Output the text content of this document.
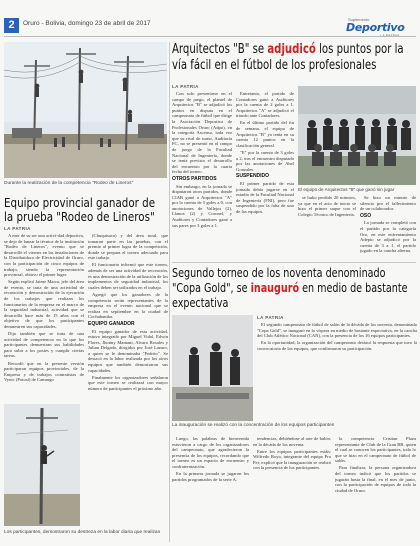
2	Oruro - Bolivia, domingo 23 de abril de 2017
Suplemento
Deportivo
Durante la realización de la competencia "Rodeo de Lineros"
Equipo provincial ganador de la prueba "Rodeo de Lineros"
LA PATRIA

A mor de su ser una activi-dad deportiva, se dejo de lanzar la técnica de la institución "Rodeo de Lineros", evento que se desarrolló el viernes en las instalaciones de la Distribuidora de Electricidad de Oruro, con la participación de cinco equipos de trabajo, siendo la representación provincial, obtuvo el primer lugar.

Según explicó Jaime Marca, jefe del área de evento, se trata de una actividad de recreación y demostración de la ejecución de los trabajos que realizan los funcionarios de la empresa en el marco de la seguridad industrial, actividad que se desarrolla hace más de 15 años con el objetivo de que los participantes demuestren sus capacidades.

Dijo también que se trata de una actividad de competencia en la que los participantes demuestran sus habilidades para subir a los postes y cumplir ciertas tareas.

Recordó que en la presente versión participaron equipos provinciales, de la Empresa y de trabajos contratistas de Vynic (Potosí) de Camargo

(Chuquisaca) y del área rural, que tomaron parte en las pruebas, con el premio al primer lugar de la competición, donde se prepara el torneo adecuado para este trabajo.

El funcionario informó que este torneo, además de ser una actividad de recreación, es una demostración de la utilización de los implementos de seguridad industrial, los cuales deben ser utilizados en el trabajo.

Agregó que los ganadores de la competencia serán representantes de la empresa en el evento nacional que se realiza en septiembre en la ciudad de Cochabamba.

EQUIPO GANADOR

El equipo ganador de esta actividad, estuvo integrado por Miguel Vidal, Edwin Flores, Jhonny Mamani, Alvaro Rosales y Julian Delgado, dirigidos por José Lazaro, a quien se le denominaba "Pedrito". Se destacó en la labor realizada por los otros equipos que también demostraron sus capacidades.

Finalmente los organizadores señalaron que este torneo se realizará con mayor número de participantes el próximo año.

Los participantes, demostraron su destreza en la labor diaria que realizan
Arquitectos "B" se adjudicó los puntos por la vía fácil en el fútbol de los profesionales
LA PATRIA

Con solo presentarse en el campo de juego, el plantel de Arquitectos "B" se adjudicó los puntos en disputa en el campeonato de fútbol que dirige la Asociación Deportiva de Profesionales Oruro (Adpo), en la categoría Ascenso, toda vez que su rival de turno, Auditoría FC, no se presentó en el campo de juego de la Facultad Nacional de Ingeniería, donde se tenía previsto el desarrollo del encuentro por la cuarta fecha del torneo.

OTROS PARTIDOS

Sin embargo, en la jornada se disputaron otros partidos, donde CIAB ganó a Arquitectos "A" por la cuenta de 5 goles a 0, con anotaciones de Vallejos (2), Llanos (2) y Coronel, y Auditores y Contadores ganó a sus pares por 3 goles a 1.

Entretanto, el partido de Contadores ganó a Auditores por la cuenta de 2 goles a 1. Arquitectos "A" se adjudicó el triunfo ante Contadores.

En el último partido del fin de semana, el equipo de Arquitectos "B" ya tenía en su cuenta 12 puntos en la clasificación general.

"E" por la cuenta de 3 goles a 2, tras el encuentro disputado por las anotaciones de Abel Gonzales.

SUSPENDIDO

El primer partido de esta jornada debía jugarse en el estadio de la Facultad Nacional de Ingeniería (FNI), pero fue suspendido por la falta de uno de los equipos.

El equipo de Arquitectos "B" que ganó sin jugar

se hubo perdido 20 minutos, ya que en el acto de inicio se hizo el primer saque con el Colegio Técnico de Ingeniería.

Se hizo un minuto de silencio por el fallecimiento de un colaborador.

OSO

La jornada se completó con el partido por la categoría Oro, en este enfrentamiento Adepto se adjudicó por la cuenta de 3 a 1, el partido jugado en la cancha alterna.

Segundo torneo de los noventa denominado "Copa Gold", se inauguró en medio de bastante expectativa
LA PATRIA

El segundo campeonato de fútbol de salón de la década de los noventa, denominado "Copa Gold", se inauguró en la víspera en medio de bastante expectativa, en la cancha del Club Atlético Nacional (CAN), con la presencia de los 16 equipos participantes.

En la oportunidad, la organización del campeonato destacó la respuesta que tuvo la convocatoria de los equipos, que confirmaron su participación.

La inauguración se realizó con la concentración de los equipos participantes

Luego, las palabras de bienvenida estuvieron a cargo de los organizadores del campeonato, que agradecieron la presencia de los equipos, recordando que el torneo es un espacio de encuentro y confraternización.

En la primera jornada se jugaron los partidos programados de la serie A.

tendencias, debiéndose al arte de balón, en la década de los noventa.

Entre los equipos participantes están: Wilfredo Royo, integrante del equipo Pro Fer, explicó que la inauguración se realizó con la presencia de los participantes.

la competencia Cristian Plaza representante de Club de la Gran BB, quien el cual se conocen los participantes, todo lo que se hizo en el campeonato de fútbol de salón.

Para finalizar, la persona organizadora del torneo indicó que los partidos se jugarán hasta la final, en el mes de junio, con la participación de equipos de toda la ciudad de Oruro.
